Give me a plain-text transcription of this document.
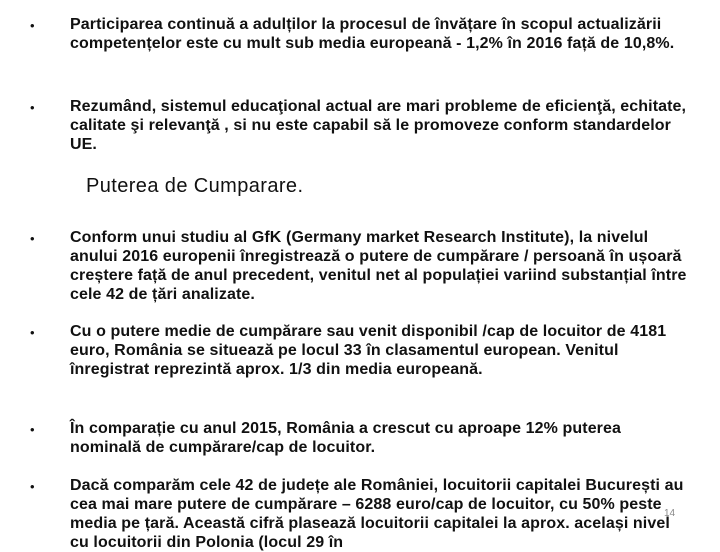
•	Participarea continuă a adulților la procesul de învățare în scopul actualizării competențelor este cu mult sub media europeană - 1,2% în 2016 față de 10,8%.
•	Rezumând, sistemul educaţional actual are mari probleme de eficienţă, echitate, calitate şi relevanţă , si nu este capabil să le promoveze conform standardelor UE.
Puterea de Cumparare.
•	Conform unui studiu al GfK (Germany market Research Institute), la nivelul anului 2016 europenii înregistrează o putere de cumpărare / persoană în ușoară creștere față de anul precedent, venitul net al populației variind substanțial între cele 42 de țări analizate.
•	Cu o putere medie de cumpărare sau venit disponibil /cap de locuitor de 4181 euro, România se situează pe locul 33 în clasamentul european. Venitul înregistrat reprezintă aprox. 1/3 din media europeană.
•	În comparație cu anul 2015, România a crescut cu aproape 12% puterea nominală de cumpărare/cap de locuitor.
•	Dacă comparăm cele 42 de județe ale României, locuitorii capitalei București au cea mai mare putere de cumpărare – 6288 euro/cap de locuitor, cu 50% peste media pe țară. Această cifră plasează locuitorii capitalei la aprox. același nivel cu locuitorii din Polonia (locul 29 în
14
